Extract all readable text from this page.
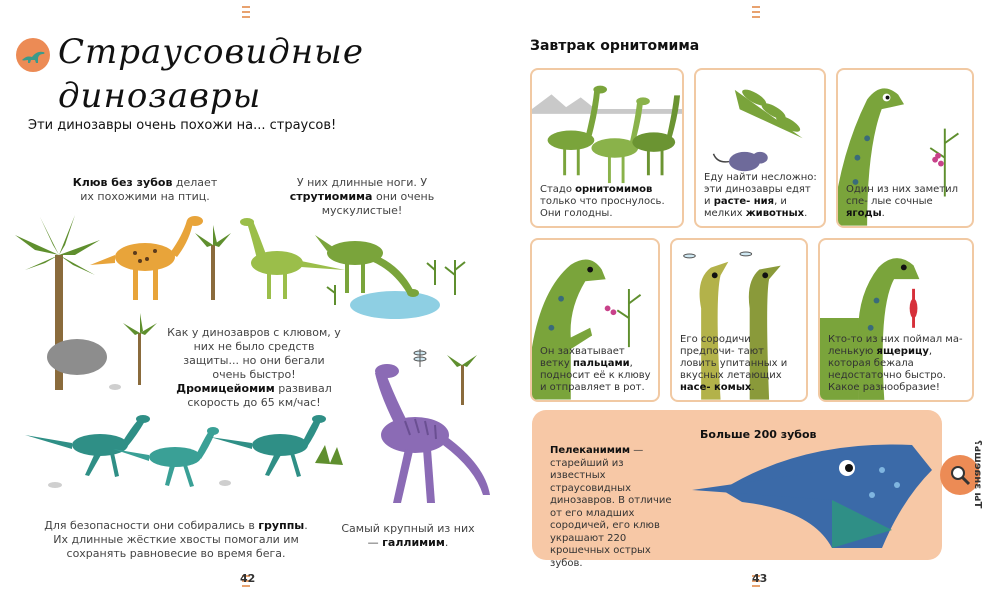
Страусовидные
динозавры
Эти динозавры очень похожи на... страусов!
Клюв без зубов делает их похожими на птиц.
У них длинные ноги. У струтиомима они очень мускулистые!
Как у динозавров с клювом, у них не было средств защиты... но они бегали очень быстро! Дромицейомим развивал скорость до 65 км/час!
Для безопасности они собирались в группы. Их длинные жёсткие хвосты помогали им сохранять равновесие во время бега.
Самый крупный из них — галлимим.
42
Завтрак орнитомима
Стадо орнитомимов только что проснулось. Они голодны.
Еду найти несложно: эти динозавры едят и расте- ния, и мелких животных.
Один из них заметил спе- лые сочные ягоды.
Он захватывает ветку пальцами, подносит её к клюву и отправляет в рот.
Его сородичи предпочи- тают ловить упитанных и вкусных летающих насе- комых.
Кто-то из них поймал ма- ленькую ящерицу, которая бежала недостаточно быстро. Какое разнообразие!
Больше 200 зубов
Пелеканимим — старейший из известных страусовидных динозавров. В отличие от его младших сородичей, его клюв украшают 220 крошечных острых зубов.
Ты знаешь?
43
